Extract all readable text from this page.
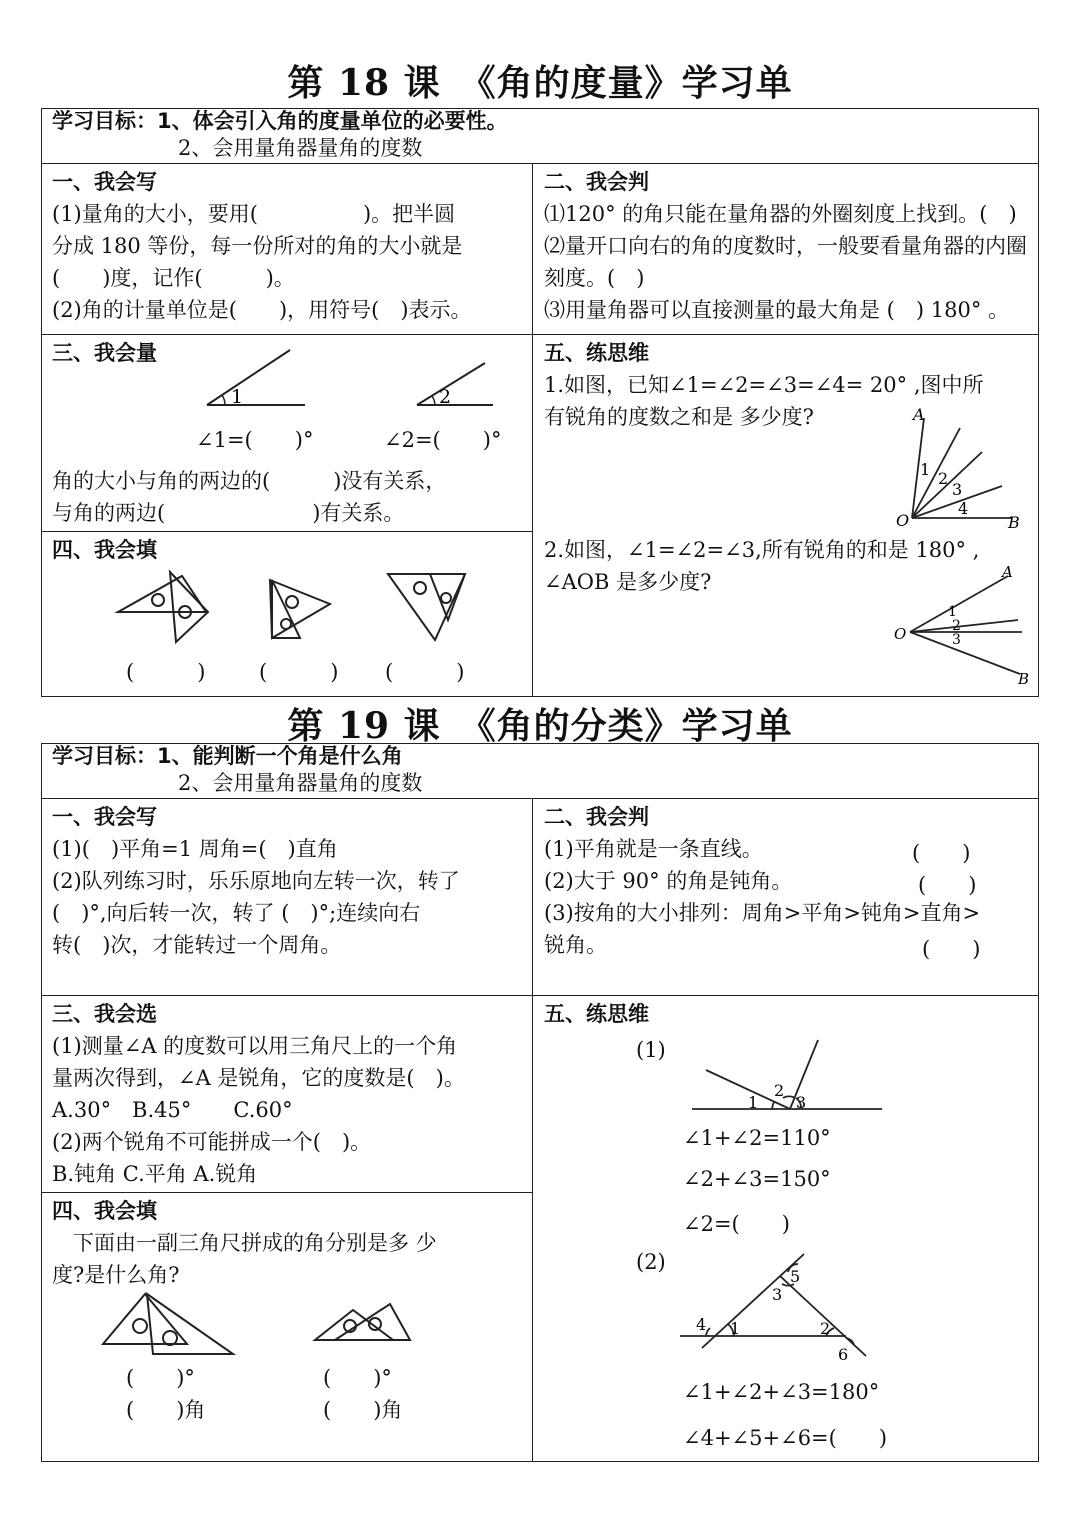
第 18 课　《角的度量》学习单
学习目标：1、体会引入角的度量单位的必要性。
2、会用量角器量角的度数
一、我会写
(1)量角的大小，要用(　　　　　)。把半圆
分成 180 等份，每一份所对的角的大小就是
(　　)度，记作(　　　)。
(2)角的计量单位是(　　)，用符号(　)表示。
二、我会判
⑴120° 的角只能在量角器的外圈刻度上找到。(　)
⑵量开口向右的角的度数时，一般要看量角器的内圈
刻度。(　)
⑶用量角器可以直接测量的最大角是 (　) 180° 。
三、我会量
1	2
∠1=(　　)°	∠2=(　　)°
角的大小与角的两边的(　　　)没有关系，
与角的两边(　　　　　　　)有关系。
四、我会填
(　　　)	(　　　) (　　　)
五、练思维
1.如图，已知∠1=∠2=∠3=∠4= 20° ,图中所
有锐角的度数之和是 多少度?	A
O	B
1 2
3
4
2.如图，∠1=∠2=∠3,所有锐角的和是 180° ,
∠AOB 是多少度?	A
O
B
1
2
3
第 19 课　《角的分类》学习单
学习目标：1、能判断一个角是什么角
2、会用量角器量角的度数
一、我会写
(1)(　)平角=1 周角=(　)直角
(2)队列练习时，乐乐原地向左转一次，转了
(　)°,向后转一次，转了 (　)°;连续向右
转(　)次，才能转过一个周角。
二、我会判
(1)平角就是一条直线。
(2)大于 90° 的角是钝角。
(3)按角的大小排列：周角>平角>钝角>直角>
锐角。
(　　)
(　　)
(　　)
三、我会选
(1)测量∠A 的度数可以用三角尺上的一个角
量两次得到，∠A 是锐角，它的度数是(　)。
A.30°　B.45°　　C.60°
(2)两个锐角不可能拼成一个(　)。
B.钝角 C.平角 A.锐角
四、我会填
　下面由一副三角尺拼成的角分别是多 少
度?是什么角?
(　　)°	(　　)°
(　　)角	(　　)角
五、练思维
(1)
1
2
3
∠1+∠2=110°
∠2+∠3=150°
∠2=(　　)
(2)
1	2
3
4
5
6
∠1+∠2+∠3=180°
∠4+∠5+∠6=(　　)
